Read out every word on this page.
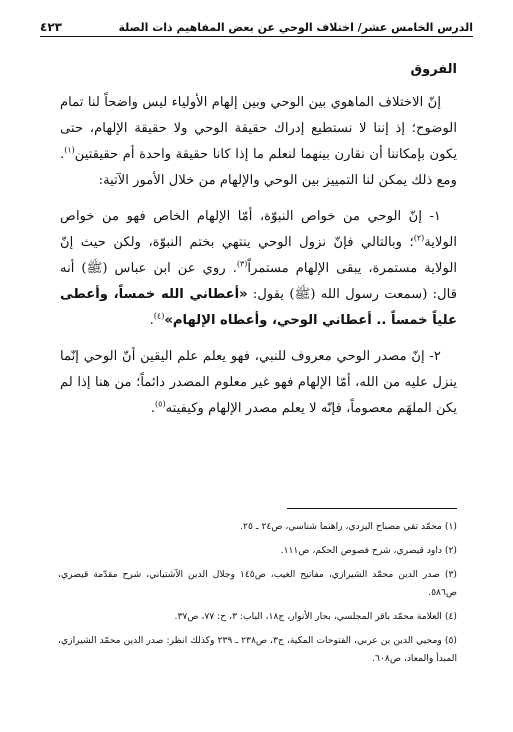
الدرس الخامس عشر/ اختلاف الوحي عن بعض المفاهيم ذات الصلة
٤٢٣
الفروق

إنّ الاختلاف الماهوي بين الوحي وبين إلهام الأولياء ليس واضحاً لنا تمام الوضوح؛ إذ إننا لا نستطيع إدراك حقيقة الوحي ولا حقيقة الإلهام، حتى يكون بإمكاننا أن نقارن بينهما لنعلم ما إذا كانا حقيقة واحدة أم حقيقتين$^{(١)}$. ومع ذلك يمكن لنا التمييز بين الوحي والإلهام من خلال الأمور الآتية:

١- إنّ الوحي من خواص النبوّة، أمّا الإلهام الخاص فهو من خواص الولاية$^{(٢)}$؛ وبالتالي فإنّ نزول الوحي ينتهي بختم النبوّة، ولكن حيث إنّ الولاية مستمرة، يبقى الإلهام مستمراً$^{(٣)}$. روي عن ابن عباس (ﷺ) أنه قال: (سمعت رسول الله (ﷺ) يقول: «أعطاني الله خمساً، وأعطى علياً خمساً .. أعطاني الوحي، وأعطاه الإلهام»$^{(٤)}$.

٢- إنّ مصدر الوحي معروف للنبي، فهو يعلم علم اليقين أنّ الوحي إنّما ينزل عليه من الله، أمّا الإلهام فهو غير معلوم المصدر دائماً؛ من هنا إذا لم يكن الملهَم معصوماً، فإنّه لا يعلم مصدر الإلهام وكيفيته$^{(٥)}$.

(١) محمّد تقي مصباح اليزدي، راهنما شناسي، ص٢٤ ـ ٢٥.
(٢) داود قيصري، شرح فصوص الحكم، ص١١١.
(٣) صدر الدين محمّد الشيرازي، مفاتيح الغيب، ص١٤٥ وجلال الدين الآشتياني، شرح مقدّمة قيصري، ص٥٨٦.
(٤) العلامة محمّد باقر المجلسي، بحار الأنوار، ج١٨، الباب: ٣، ح: ٧٧، ص٣٧.
(٥) ومحيي الدين بن عربي، الفتوحات المكية، ج٣، ص٢٣٨ ـ ٢٣٩ وكذلك انظر: صدر الدين محمّد الشيرازي، المبدأ والمعاد، ص٦٠٨.
